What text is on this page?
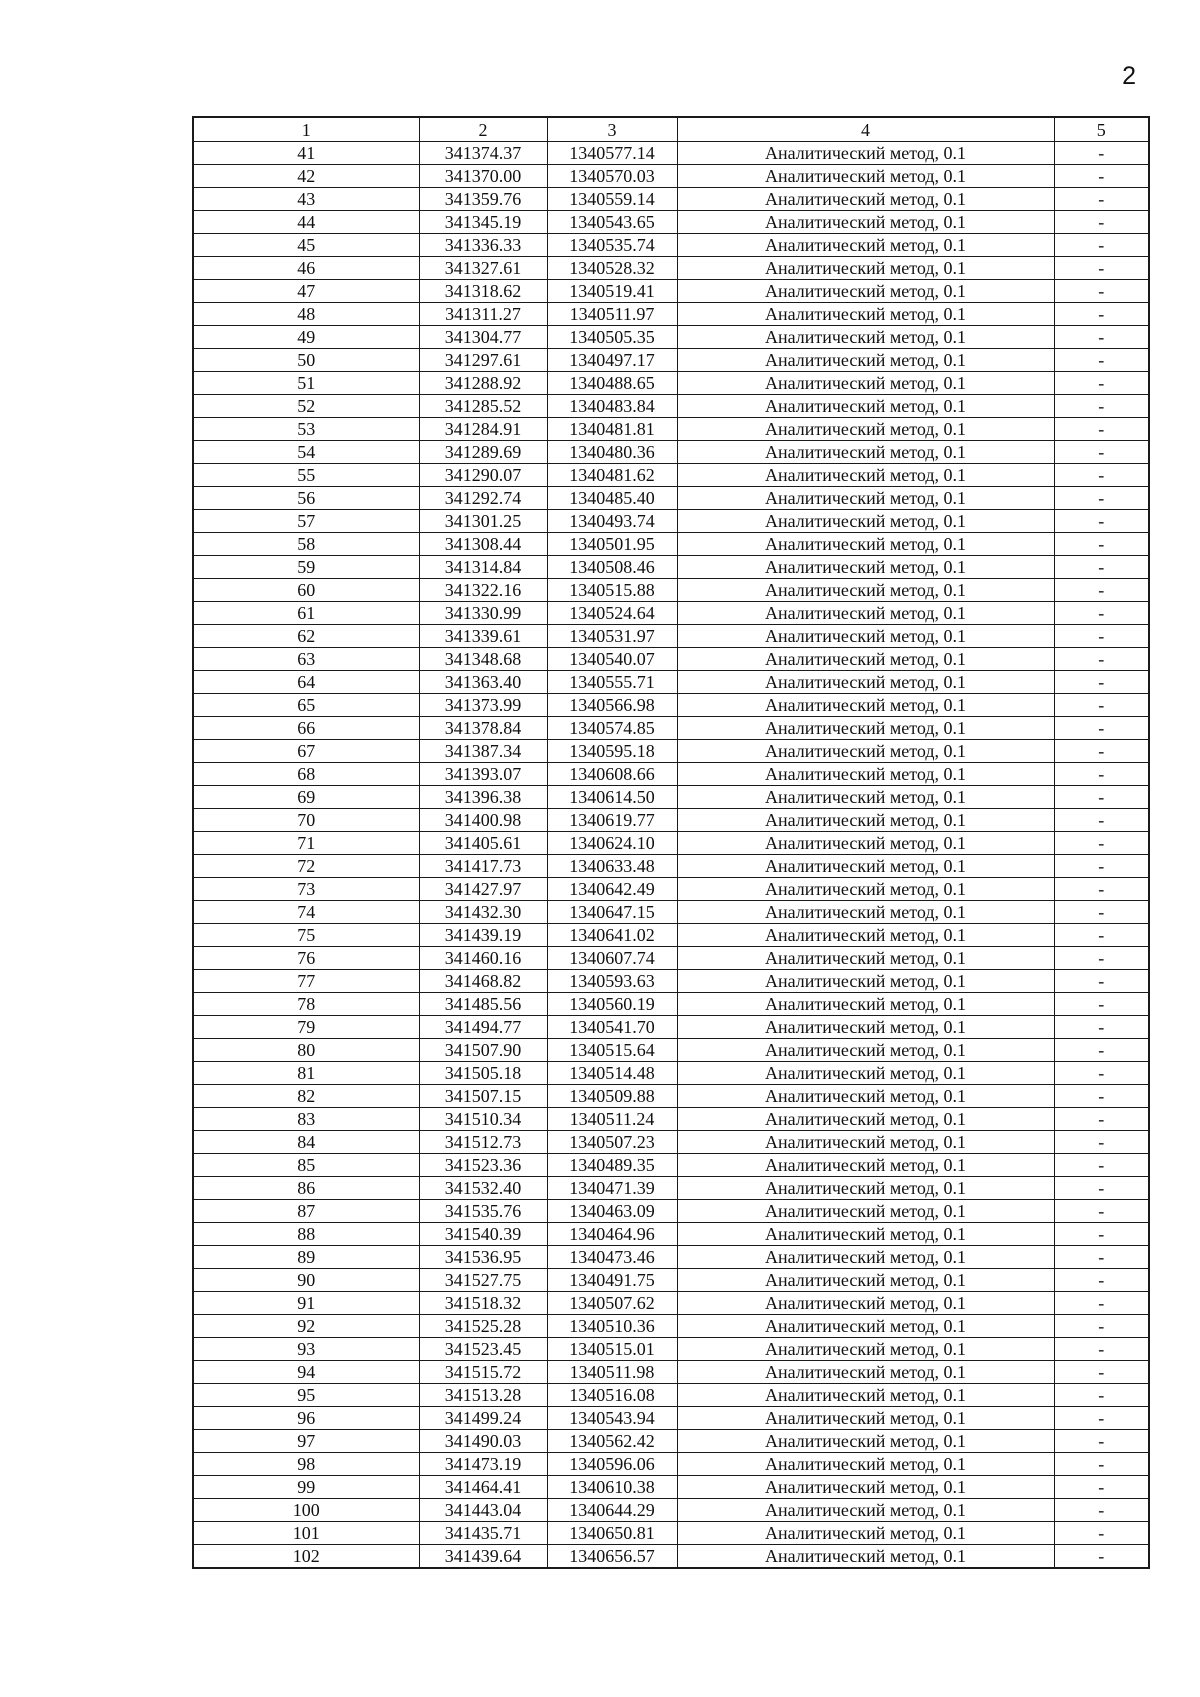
2
1	2	3	4	5
41	341374.37	1340577.14	Аналитический метод, 0.1	-
42	341370.00	1340570.03	Аналитический метод, 0.1	-
43	341359.76	1340559.14	Аналитический метод, 0.1	-
44	341345.19	1340543.65	Аналитический метод, 0.1	-
45	341336.33	1340535.74	Аналитический метод, 0.1	-
46	341327.61	1340528.32	Аналитический метод, 0.1	-
47	341318.62	1340519.41	Аналитический метод, 0.1	-
48	341311.27	1340511.97	Аналитический метод, 0.1	-
49	341304.77	1340505.35	Аналитический метод, 0.1	-
50	341297.61	1340497.17	Аналитический метод, 0.1	-
51	341288.92	1340488.65	Аналитический метод, 0.1	-
52	341285.52	1340483.84	Аналитический метод, 0.1	-
53	341284.91	1340481.81	Аналитический метод, 0.1	-
54	341289.69	1340480.36	Аналитический метод, 0.1	-
55	341290.07	1340481.62	Аналитический метод, 0.1	-
56	341292.74	1340485.40	Аналитический метод, 0.1	-
57	341301.25	1340493.74	Аналитический метод, 0.1	-
58	341308.44	1340501.95	Аналитический метод, 0.1	-
59	341314.84	1340508.46	Аналитический метод, 0.1	-
60	341322.16	1340515.88	Аналитический метод, 0.1	-
61	341330.99	1340524.64	Аналитический метод, 0.1	-
62	341339.61	1340531.97	Аналитический метод, 0.1	-
63	341348.68	1340540.07	Аналитический метод, 0.1	-
64	341363.40	1340555.71	Аналитический метод, 0.1	-
65	341373.99	1340566.98	Аналитический метод, 0.1	-
66	341378.84	1340574.85	Аналитический метод, 0.1	-
67	341387.34	1340595.18	Аналитический метод, 0.1	-
68	341393.07	1340608.66	Аналитический метод, 0.1	-
69	341396.38	1340614.50	Аналитический метод, 0.1	-
70	341400.98	1340619.77	Аналитический метод, 0.1	-
71	341405.61	1340624.10	Аналитический метод, 0.1	-
72	341417.73	1340633.48	Аналитический метод, 0.1	-
73	341427.97	1340642.49	Аналитический метод, 0.1	-
74	341432.30	1340647.15	Аналитический метод, 0.1	-
75	341439.19	1340641.02	Аналитический метод, 0.1	-
76	341460.16	1340607.74	Аналитический метод, 0.1	-
77	341468.82	1340593.63	Аналитический метод, 0.1	-
78	341485.56	1340560.19	Аналитический метод, 0.1	-
79	341494.77	1340541.70	Аналитический метод, 0.1	-
80	341507.90	1340515.64	Аналитический метод, 0.1	-
81	341505.18	1340514.48	Аналитический метод, 0.1	-
82	341507.15	1340509.88	Аналитический метод, 0.1	-
83	341510.34	1340511.24	Аналитический метод, 0.1	-
84	341512.73	1340507.23	Аналитический метод, 0.1	-
85	341523.36	1340489.35	Аналитический метод, 0.1	-
86	341532.40	1340471.39	Аналитический метод, 0.1	-
87	341535.76	1340463.09	Аналитический метод, 0.1	-
88	341540.39	1340464.96	Аналитический метод, 0.1	-
89	341536.95	1340473.46	Аналитический метод, 0.1	-
90	341527.75	1340491.75	Аналитический метод, 0.1	-
91	341518.32	1340507.62	Аналитический метод, 0.1	-
92	341525.28	1340510.36	Аналитический метод, 0.1	-
93	341523.45	1340515.01	Аналитический метод, 0.1	-
94	341515.72	1340511.98	Аналитический метод, 0.1	-
95	341513.28	1340516.08	Аналитический метод, 0.1	-
96	341499.24	1340543.94	Аналитический метод, 0.1	-
97	341490.03	1340562.42	Аналитический метод, 0.1	-
98	341473.19	1340596.06	Аналитический метод, 0.1	-
99	341464.41	1340610.38	Аналитический метод, 0.1	-
100	341443.04	1340644.29	Аналитический метод, 0.1	-
101	341435.71	1340650.81	Аналитический метод, 0.1	-
102	341439.64	1340656.57	Аналитический метод, 0.1	-
